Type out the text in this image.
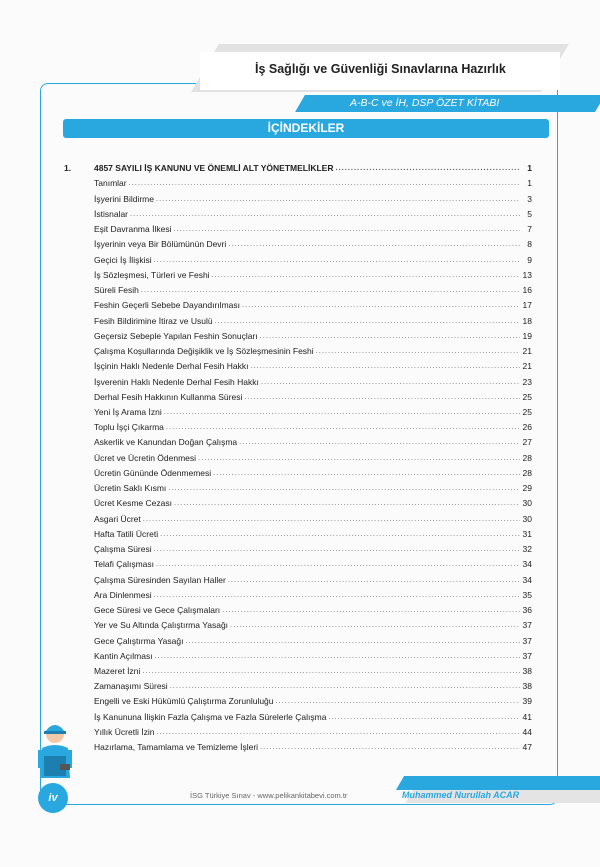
İş Sağlığı ve Güvenliği Sınavlarına Hazırlık
A-B-C ve İH, DSP ÖZET KİTABI
İÇİNDEKİLER
1.	4857 SAYILI İŞ KANUNU VE ÖNEMLİ ALT YÖNETMELİKLER .....	1
Tanımlar .....	1
İşyerini Bildirme .....	3
İstisnalar .....	5
Eşit Davranma İlkesi .....	7
İşyerinin veya Bir Bölümünün Devri .....	8
Geçici İş İlişkisi .....	9
İş Sözleşmesi, Türleri ve Feshi .....	13
Süreli Fesih .....	16
Feshin Geçerli Sebebe Dayandırılması .....	17
Fesih Bildirimine İtiraz ve Usulü .....	18
Geçersiz Sebeple Yapılan Feshin Sonuçları .....	19
Çalışma Koşullarında Değişiklik ve İş Sözleşmesinin Feshi .....	21
İşçinin Haklı Nedenle Derhal Fesih Hakkı .....	21
İşverenin Haklı Nedenle Derhal Fesih Hakkı .....	23
Derhal Fesih Hakkının Kullanma Süresi .....	25
Yeni İş Arama İzni .....	25
Toplu İşçi Çıkarma .....	26
Askerlik ve Kanundan Doğan Çalışma .....	27
Ücret ve Ücretin Ödenmesi .....	28
Ücretin Gününde Ödenmemesi .....	28
Ücretin Saklı Kısmı .....	29
Ücret Kesme Cezası .....	30
Asgari Ücret .....	30
Hafta Tatili Ücreti .....	31
Çalışma Süresi .....	32
Telafi Çalışması .....	34
Çalışma Süresinden Sayılan Haller .....	34
Ara Dinlenmesi .....	35
Gece Süresi ve Gece Çalışmaları .....	36
Yer ve Su Altında Çalıştırma Yasağı .....	37
Gece Çalıştırma Yasağı .....	37
Kantin Açılması .....	37
Mazeret İzni .....	38
Zamanaşımı Süresi .....	38
Engelli ve Eski Hükümlü Çalıştırma Zorunluluğu .....	39
İş Kanununa İlişkin Fazla Çalışma ve Fazla Sürelerle Çalışma .....	41
Yıllık Ücretli İzin .....	44
Hazırlama, Tamamlama ve Temizleme İşleri .....	47
Muhammed Nurullah ACAR
İSG Türkiye Sınav - www.pelikankitabevi.com.tr
iv
